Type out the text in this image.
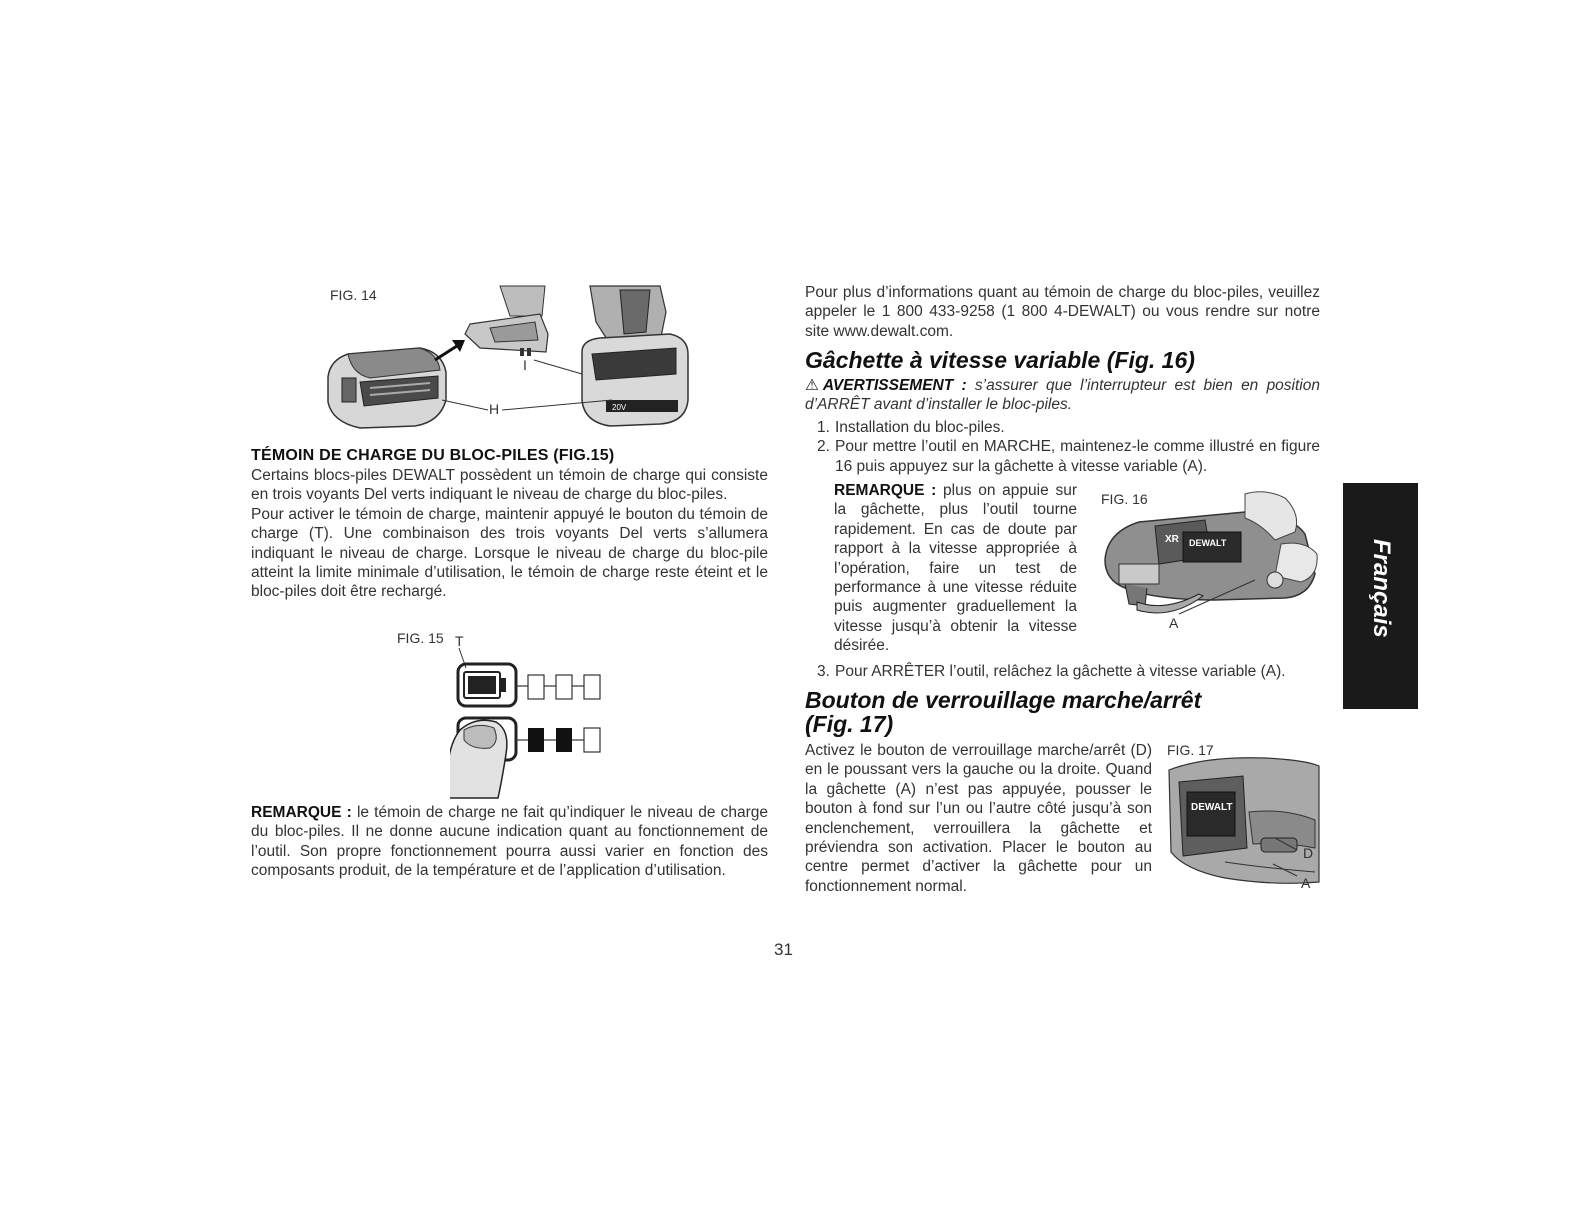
FIG. 14
20V
I
H
TÉMOIN DE CHARGE DU BLOC-PILES (FIG.15)

Certains blocs-piles DEWALT possèdent un témoin de charge qui consiste en trois voyants Del verts indiquant le niveau de charge du bloc-piles.

Pour activer le témoin de charge, maintenir appuyé le bouton du témoin de charge (T). Une combinaison des trois voyants Del verts s’allumera indiquant le niveau de charge. Lorsque le niveau de charge du bloc-pile atteint la limite minimale d’utilisation, le témoin de charge reste éteint et le bloc-piles doit être rechargé.

FIG. 15 T

REMARQUE : le témoin de charge ne fait qu’indiquer le niveau de charge du bloc-piles. Il ne donne aucune indication quant au fonctionnement de l’outil. Son propre fonctionnement pourra aussi varier en fonction des composants produit, de la température et de l’application d’utilisation.

Pour plus d’informations quant au témoin de charge du bloc-piles, veuillez appeler le 1 800 433-9258 (1 800 4-DEWALT) ou vous rendre sur notre site www.dewalt.com.
Gâchette à vitesse variable (Fig. 16)
⚠AVERTISSEMENT : s’assurer que l’interrupteur est bien en position d’ARRÊT avant d’installer le bloc-piles.
1. Installation du bloc-piles.
2. Pour mettre l’outil en MARCHE, maintenez-le comme illustré en figure 16 puis appuyez sur la gâchette à vitesse variable (A).

REMARQUE : plus on appuie sur la gâchette, plus l’outil tourne rapidement. En cas de doute par rapport à la vitesse appropriée à l’opération, faire un test de performance à une vitesse réduite puis augmenter graduellement la vitesse jusqu’à obtenir la vitesse désirée.

FIG. 16
XR DEWALT
A
3. Pour ARRÊTER l’outil, relâchez la gâchette à vitesse variable (A).
Bouton de verrouillage marche/arrêt
(Fig. 17)
Activez le bouton de verrouillage marche/arrêt (D) en le poussant vers la gauche ou la droite. Quand la gâchette (A) n’est pas appuyée, pousser le bouton à fond sur l’un ou l’autre côté jusqu’à son enclenchement, verrouillera la gâchette et préviendra son activation. Placer le bouton au centre permet d’activer la gâchette pour un fonctionnement normal.
FIG. 17
DEWALT
D
A
Français
31
